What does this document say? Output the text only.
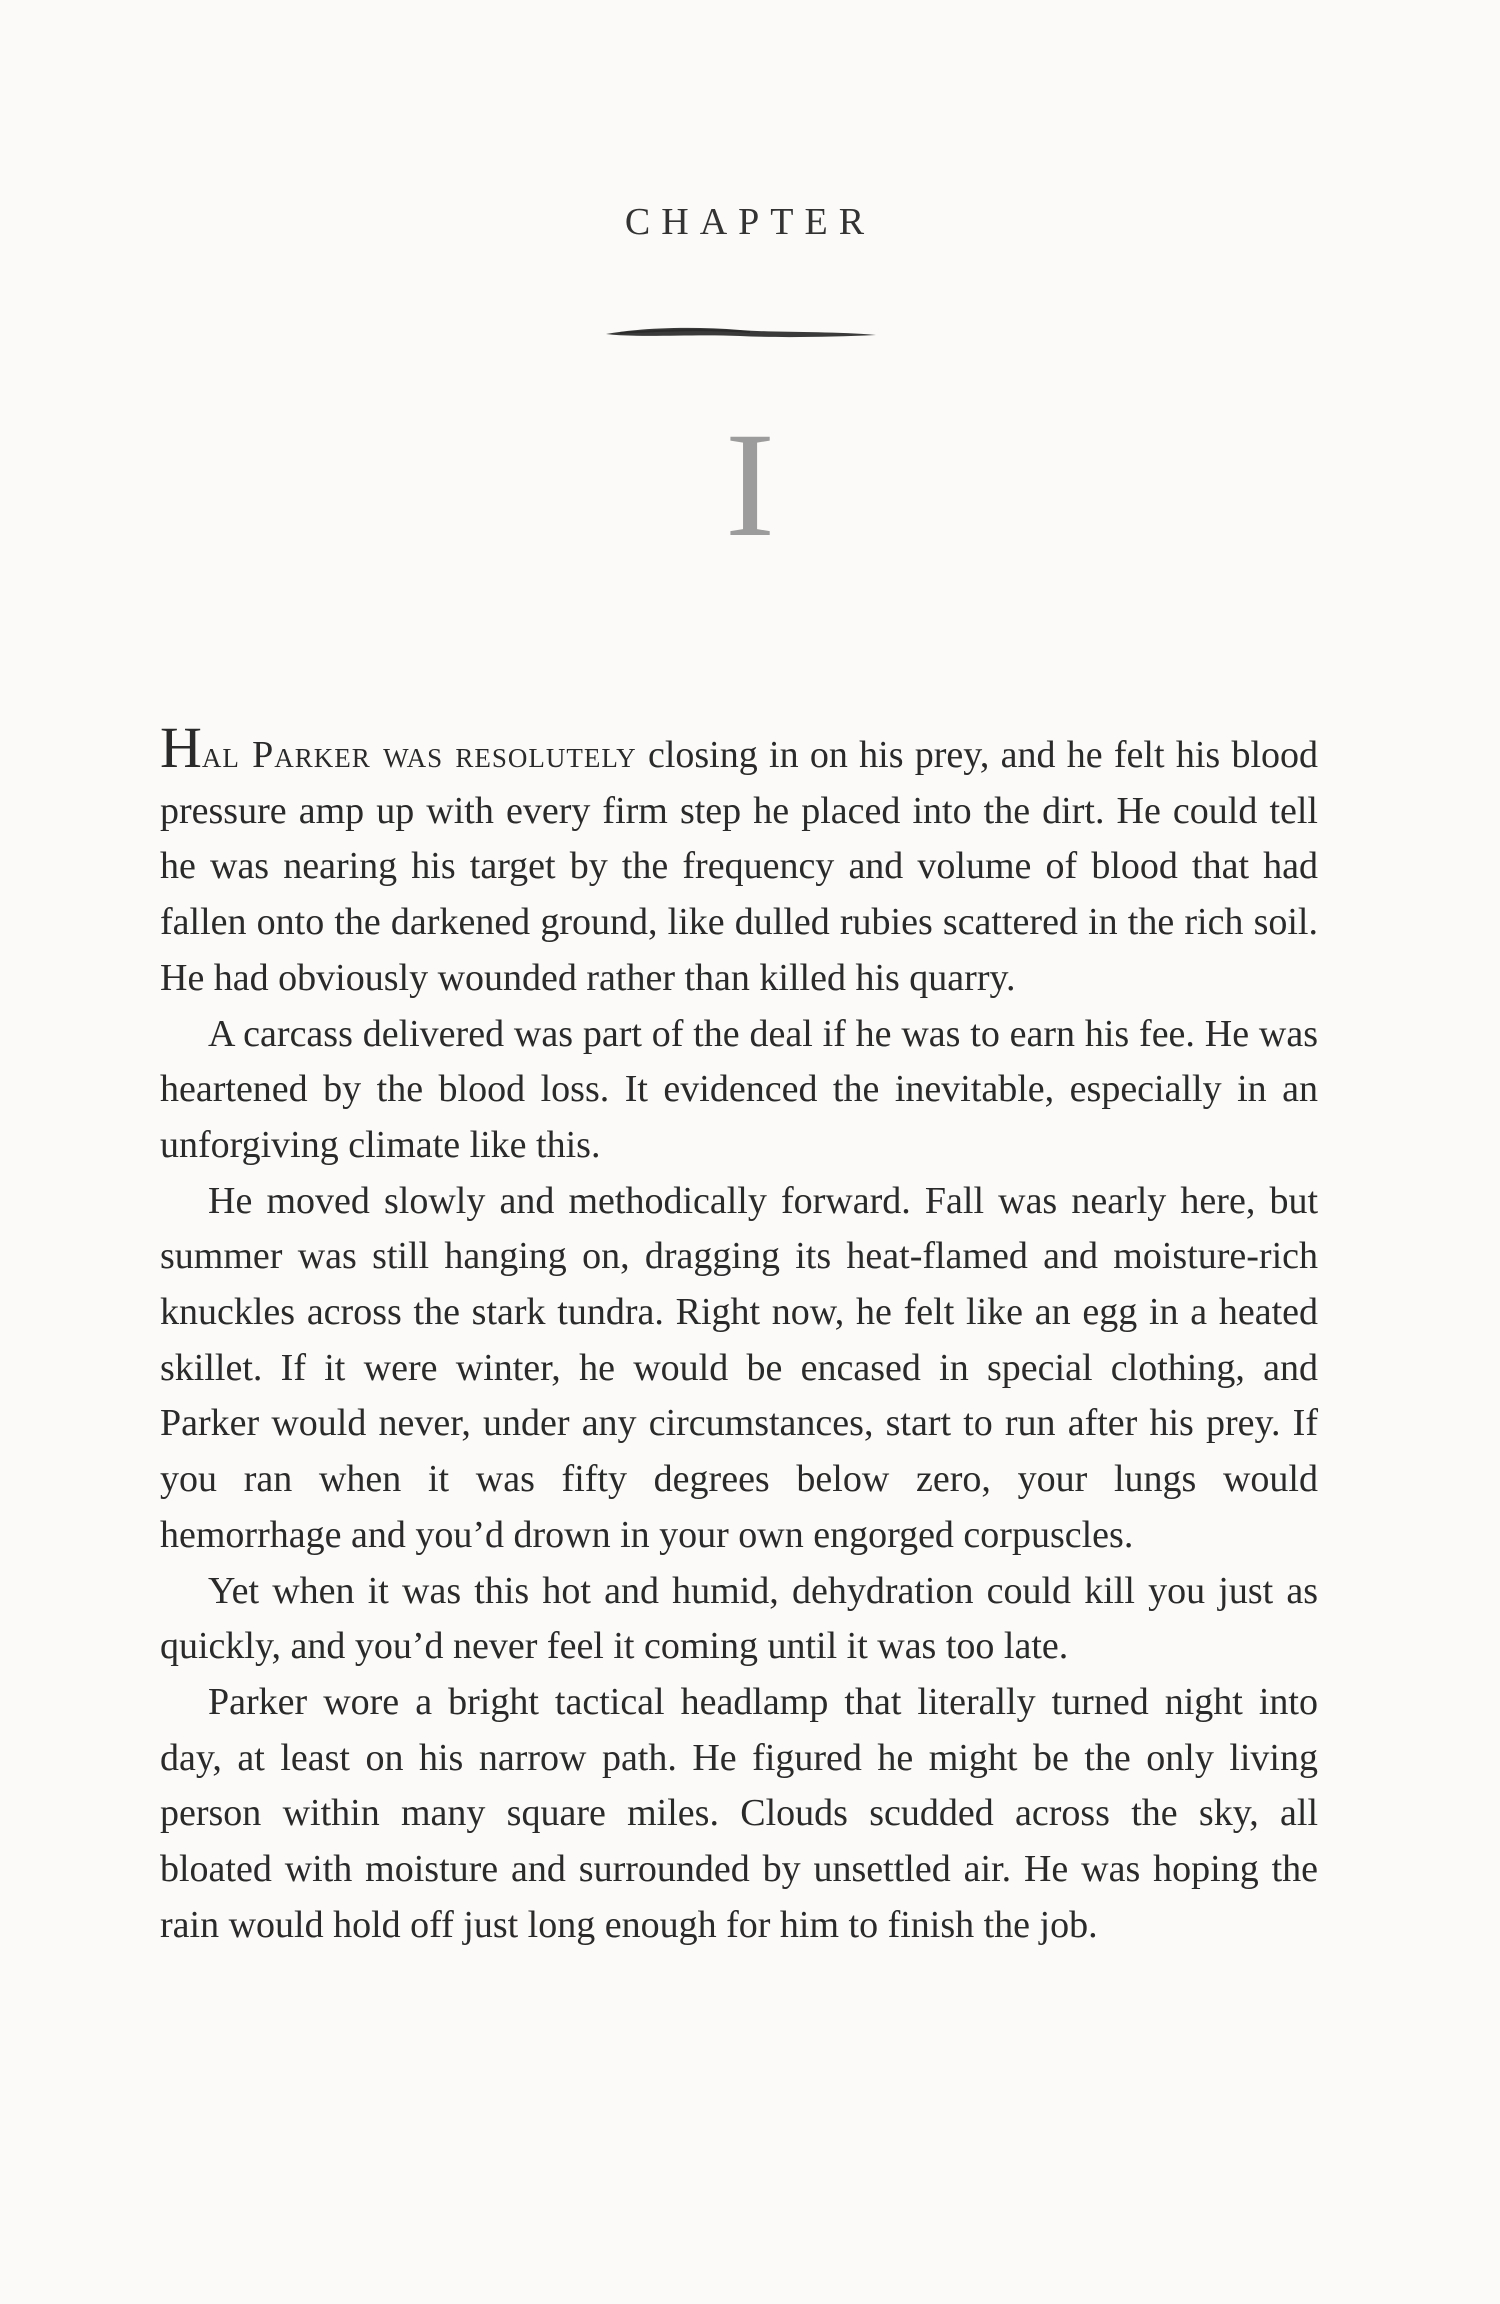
CHAPTER
I

Hal Parker was resolutely closing in on his prey, and he felt his blood pressure amp up with every firm step he placed into the dirt. He could tell he was nearing his target by the frequency and volume of blood that had fallen onto the darkened ground, like dulled rubies scattered in the rich soil. He had obviously wounded rather than killed his quarry.

A carcass delivered was part of the deal if he was to earn his fee. He was heartened by the blood loss. It evidenced the inevitable, especially in an unforgiving climate like this.

He moved slowly and methodically forward. Fall was nearly here, but summer was still hanging on, dragging its heat-flamed and moisture-rich knuckles across the stark tundra. Right now, he felt like an egg in a heated skillet. If it were winter, he would be encased in special clothing, and Parker would never, under any circumstances, start to run after his prey. If you ran when it was fifty degrees below zero, your lungs would hemorrhage and you’d drown in your own engorged corpuscles.

Yet when it was this hot and humid, dehydration could kill you just as quickly, and you’d never feel it coming until it was too late.

Parker wore a bright tactical headlamp that literally turned night into day, at least on his narrow path. He figured he might be the only living person within many square miles. Clouds scudded across the sky, all bloated with moisture and surrounded by unsettled air. He was hoping the rain would hold off just long enough for him to finish the job.
